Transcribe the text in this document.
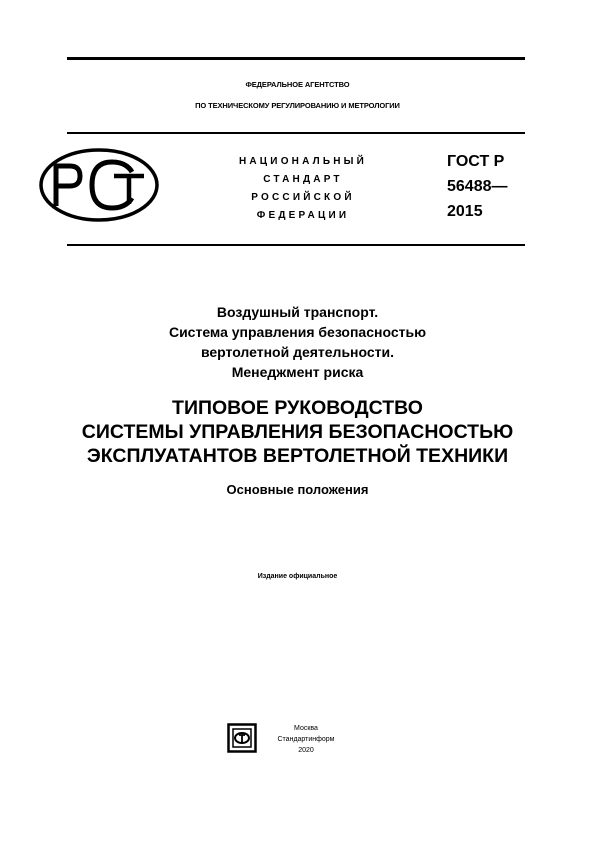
ФЕДЕРАЛЬНОЕ АГЕНТСТВО
ПО ТЕХНИЧЕСКОМУ РЕГУЛИРОВАНИЮ И МЕТРОЛОГИИ
НАЦИОНАЛЬНЫЙ
СТАНДАРТ
РОССИЙСКОЙ
ФЕДЕРАЦИИ
ГОСТ Р
56488—
2015
Воздушный транспорт.
Система управления безопасностью
вертолетной деятельности.
Менеджмент риска
ТИПОВОЕ РУКОВОДСТВО
СИСТЕМЫ УПРАВЛЕНИЯ БЕЗОПАСНОСТЬЮ
ЭКСПЛУАТАНТОВ ВЕРТОЛЕТНОЙ ТЕХНИКИ
Основные положения
Издание официальное
Москва
Стандартинформ
2020
